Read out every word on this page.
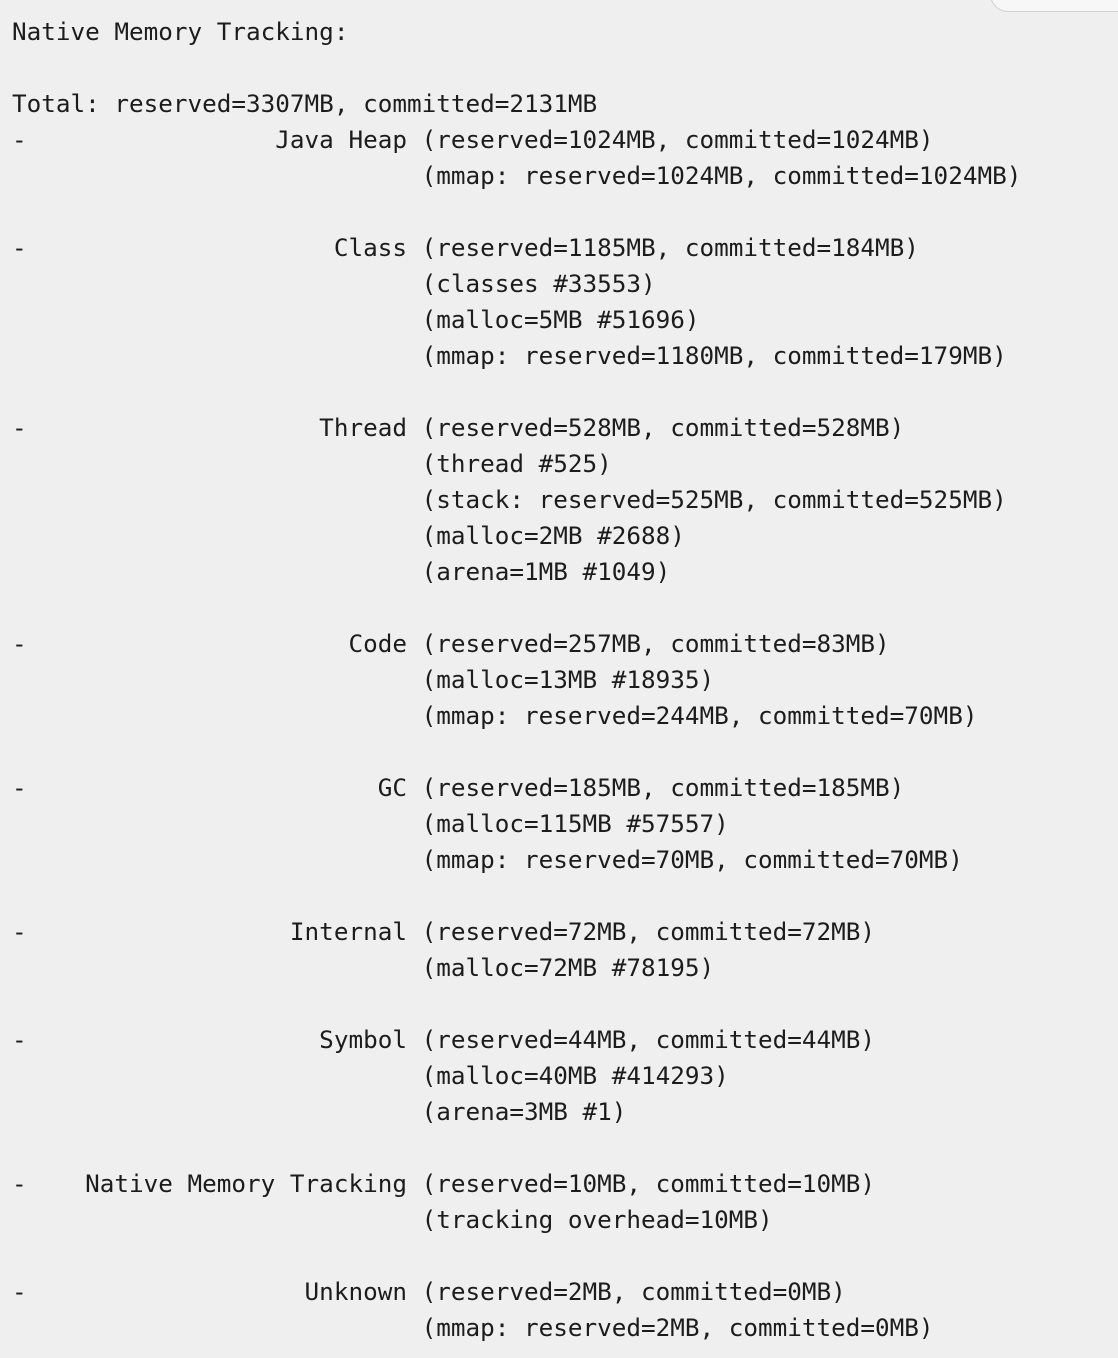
Native Memory Tracking:

Total: reserved=3307MB, committed=2131MB
-                 Java Heap (reserved=1024MB, committed=1024MB)
(mmap: reserved=1024MB, committed=1024MB)

-                     Class (reserved=1185MB, committed=184MB)
(classes #33553)
(malloc=5MB #51696)
(mmap: reserved=1180MB, committed=179MB)

-                    Thread (reserved=528MB, committed=528MB)
(thread #525)
(stack: reserved=525MB, committed=525MB)
(malloc=2MB #2688)
(arena=1MB #1049)

-                      Code (reserved=257MB, committed=83MB)
(malloc=13MB #18935)
(mmap: reserved=244MB, committed=70MB)

-                        GC (reserved=185MB, committed=185MB)
(malloc=115MB #57557)
(mmap: reserved=70MB, committed=70MB)

-                  Internal (reserved=72MB, committed=72MB)
(malloc=72MB #78195)

-                    Symbol (reserved=44MB, committed=44MB)
(malloc=40MB #414293)
(arena=3MB #1)

-    Native Memory Tracking (reserved=10MB, committed=10MB)
(tracking overhead=10MB)

-                   Unknown (reserved=2MB, committed=0MB)
(mmap: reserved=2MB, committed=0MB)
